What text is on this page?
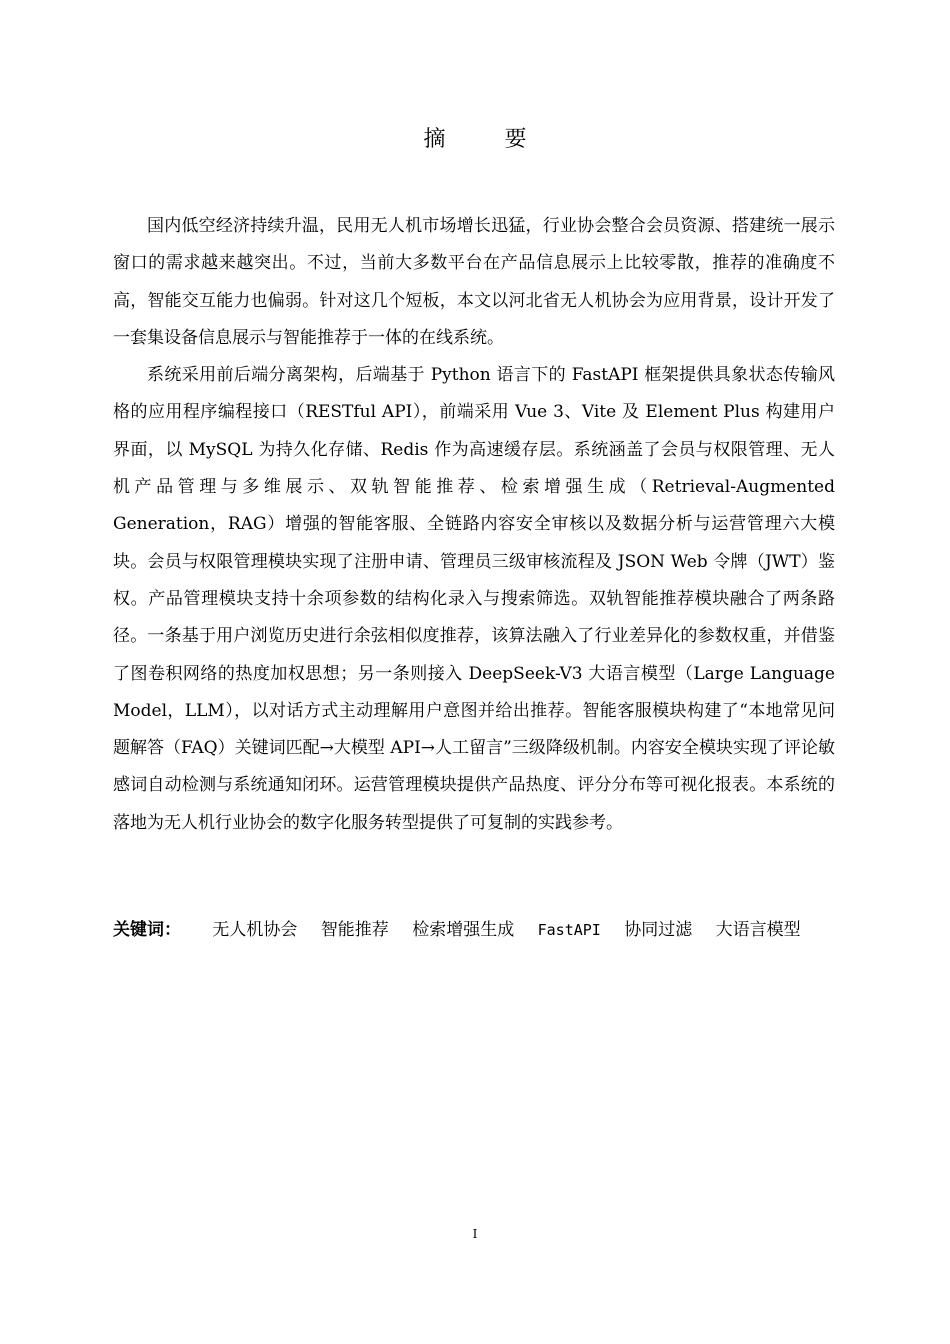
摘 要

国内低空经济持续升温，民用无人机市场增长迅猛，行业协会整合会员资源、搭建统一展示窗口的需求越来越突出。不过，当前大多数平台在产品信息展示上比较零散，推荐的准确度不高，智能交互能力也偏弱。针对这几个短板，本文以河北省无人机协会为应用背景，设计开发了一套集设备信息展示与智能推荐于一体的在线系统。

系统采用前后端分离架构，后端基于 Python 语言下的 FastAPI 框架提供具象状态传输风格的应用程序编程接口（RESTful API），前端采用 Vue 3、Vite 及 Element Plus 构建用户界面，以 MySQL 为持久化存储、Redis 作为高速缓存层。系统涵盖了会员与权限管理、无人机产品管理与多维展示、双轨智能推荐、检索增强生成（Retrieval-Augmented Generation，RAG）增强的智能客服、全链路内容安全审核以及数据分析与运营管理六大模块。会员与权限管理模块实现了注册申请、管理员三级审核流程及 JSON Web 令牌（JWT）鉴权。产品管理模块支持十余项参数的结构化录入与搜索筛选。双轨智能推荐模块融合了两条路径。一条基于用户浏览历史进行余弦相似度推荐，该算法融入了行业差异化的参数权重，并借鉴了图卷积网络的热度加权思想；另一条则接入 DeepSeek-V3 大语言模型（Large Language Model，LLM），以对话方式主动理解用户意图并给出推荐。智能客服模块构建了“本地常见问题解答（FAQ）关键词匹配→大模型 API→人工留言”三级降级机制。内容安全模块实现了评论敏感词自动检测与系统通知闭环。运营管理模块提供产品热度、评分分布等可视化报表。本系统的落地为无人机行业协会的数字化服务转型提供了可复制的实践参考。

关键词： 无人机协会 智能推荐 检索增强生成 FastAPI 协同过滤 大语言模型
I
